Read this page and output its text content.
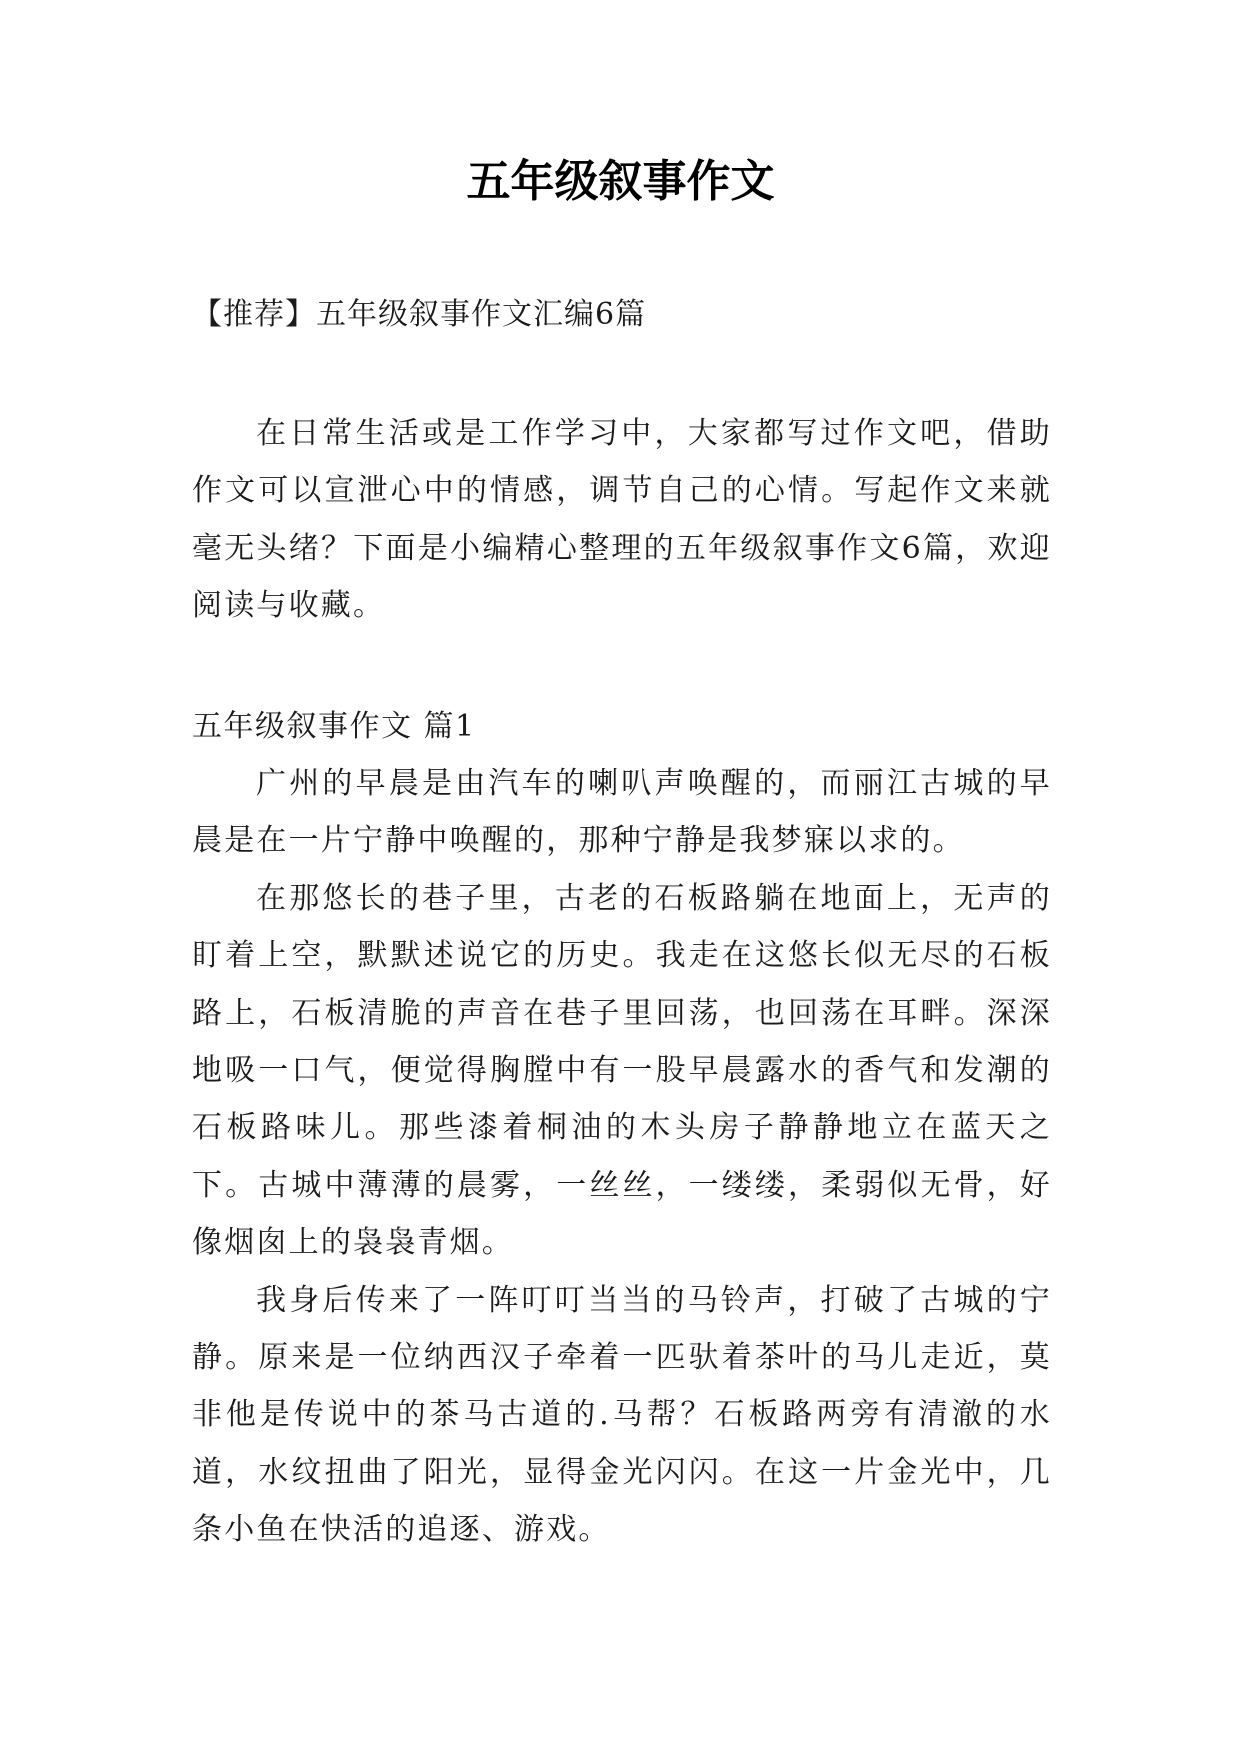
五年级叙事作文

【推荐】五年级叙事作文汇编6篇

在日常生活或是工作学习中，大家都写过作文吧，借助作文可以宣泄心中的情感，调节自己的心情。写起作文来就毫无头绪？下面是小编精心整理的五年级叙事作文6篇，欢迎阅读与收藏。

五年级叙事作文 篇1

广州的早晨是由汽车的喇叭声唤醒的，而丽江古城的早晨是在一片宁静中唤醒的，那种宁静是我梦寐以求的。

在那悠长的巷子里，古老的石板路躺在地面上，无声的盯着上空，默默述说它的历史。我走在这悠长似无尽的石板路上，石板清脆的声音在巷子里回荡，也回荡在耳畔。深深地吸一口气，便觉得胸膛中有一股早晨露水的香气和发潮的石板路味儿。那些漆着桐油的木头房子静静地立在蓝天之下。古城中薄薄的晨雾，一丝丝，一缕缕，柔弱似无骨，好像烟囱上的袅袅青烟。

我身后传来了一阵叮叮当当的马铃声，打破了古城的宁静。原来是一位纳西汉子牵着一匹驮着茶叶的马儿走近，莫非他是传说中的茶马古道的.马帮？石板路两旁有清澈的水道，水纹扭曲了阳光，显得金光闪闪。在这一片金光中，几条小鱼在快活的追逐、游戏。
